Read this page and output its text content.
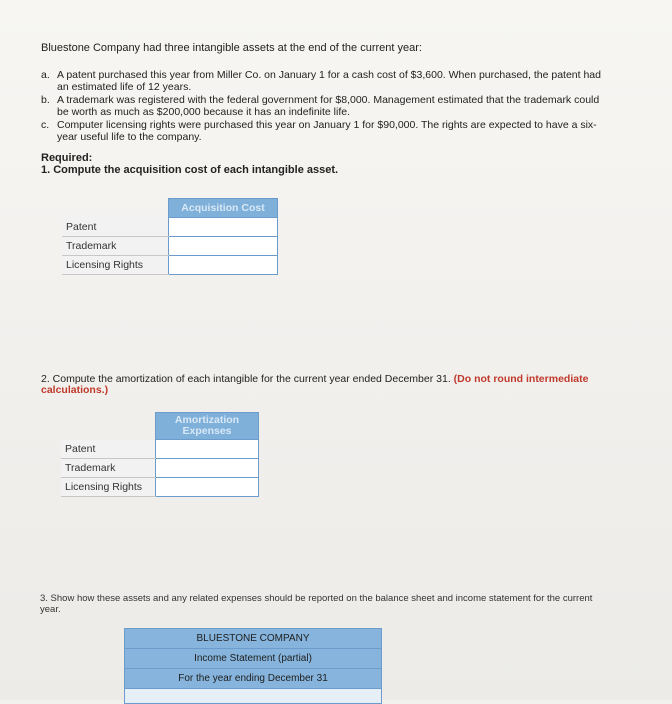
Bluestone Company had three intangible assets at the end of the current year:
a. A patent purchased this year from Miller Co. on January 1 for a cash cost of $3,600. When purchased, the patent had an estimated life of 12 years.
b. A trademark was registered with the federal government for $8,000. Management estimated that the trademark could be worth as much as $200,000 because it has an indefinite life.
c. Computer licensing rights were purchased this year on January 1 for $90,000. The rights are expected to have a six-year useful life to the company.
Required:
1. Compute the acquisition cost of each intangible asset.
	Acquisition Cost
Patent	
Trademark	
Licensing Rights	
2. Compute the amortization of each intangible for the current year ended December 31. (Do not round intermediate calculations.)

	Amortization
Expenses

Patent	
Trademark	
Licensing Rights	
3. Show how these assets and any related expenses should be reported on the balance sheet and income statement for the current year.
BLUESTONE COMPANY
Income Statement (partial)
For the year ending December 31
